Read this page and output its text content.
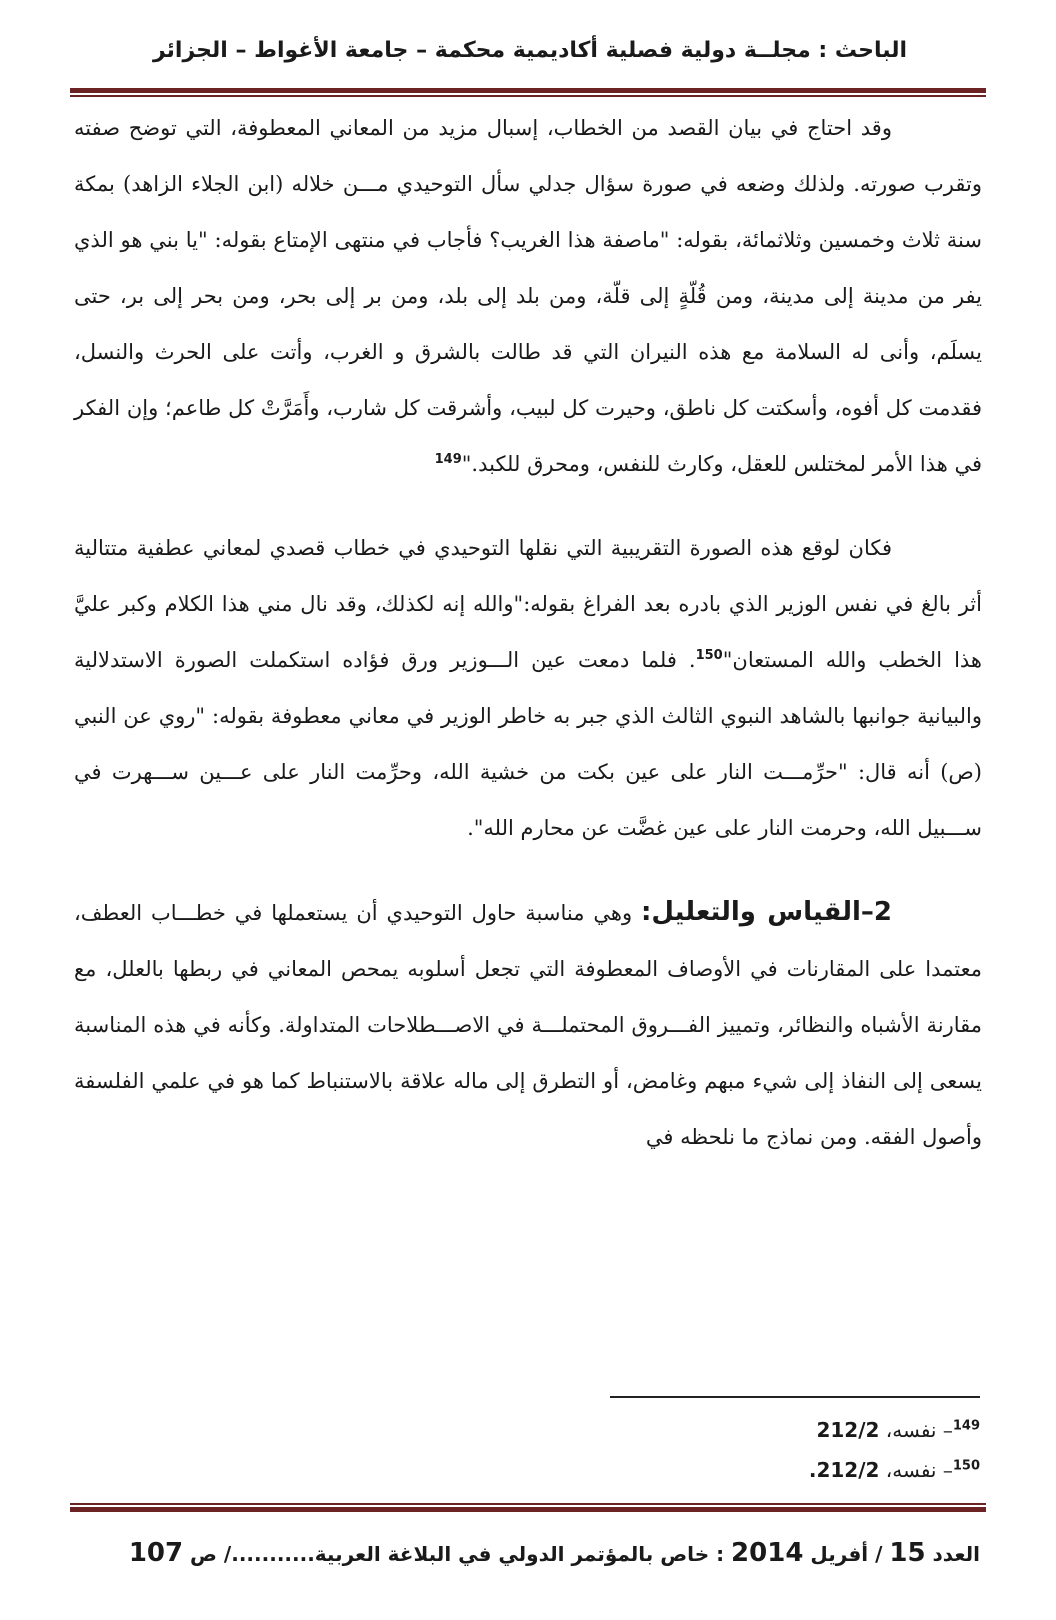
الباحث : مجلــة دولية فصلية أكاديمية محكمة – جامعة الأغواط – الجزائر

وقد احتاج في بيان القصد من الخطاب، إسبال مزيد من المعاني المعطوفة، التي توضح صفته وتقرب صورته. ولذلك وضعه في صورة سؤال جدلي سأل التوحيدي مـــن خلاله (ابن الجلاء الزاهد) بمكة سنة ثلاث وخمسين وثلاثمائة، بقوله: "ماصفة هذا الغريب؟ فأجاب في منتهى الإمتاع بقوله: "يا بني هو الذي يفر من مدينة إلى مدينة، ومن قُلّةٍ إلى قلّة، ومن بلد إلى بلد، ومن بر إلى بحر، ومن بحر إلى بر، حتى يسلَم، وأنى له السلامة مع هذه النيران التي قد طالت بالشرق و الغرب، وأتت على الحرث والنسل، فقدمت كل أفوه، وأسكتت كل ناطق، وحيرت كل لبيب، وأشرقت كل شارب، وأَمَرَّتْ كل طاعم؛ وإن الفكر في هذا الأمر لمختلس للعقل، وكارث للنفس، ومحرق للكبد."$^{149}$

فكان لوقع هذه الصورة التقريبية التي نقلها التوحيدي في خطاب قصدي لمعاني عطفية متتالية أثر بالغ في نفس الوزير الذي بادره بعد الفراغ بقوله:"والله إنه لكذلك، وقد نال مني هذا الكلام وكبر عليَّ هذا الخطب والله المستعان"$^{150}$. فلما دمعت عين الـــوزير ورق فؤاده استكملت الصورة الاستدلالية والبيانية جوانبها بالشاهد النبوي الثالث الذي جبر به خاطر الوزير في معاني معطوفة بقوله: "روي عن النبي (ص) أنه قال: "حرِّمـــت النار على عين بكت من خشية الله، وحرِّمت النار على عـــين ســـهرت في ســـبيل الله، وحرمت النار على عين غضَّت عن محارم الله".

2–القياس والتعليل: وهي مناسبة حاول التوحيدي أن يستعملها في خطـــاب العطف، معتمدا على المقارنات في الأوصاف المعطوفة التي تجعل أسلوبه يمحص المعاني في ربطها بالعلل، مع مقارنة الأشباه والنظائر، وتمييز الفـــروق المحتملـــة في الاصـــطلاحات المتداولة. وكأنه في هذه المناسبة يسعى إلى النفاذ إلى شيء مبهم وغامض، أو التطرق إلى ماله علاقة بالاستنباط كما هو في علمي الفلسفة وأصول الفقه. ومن نماذج ما نلحظه في

$^{149}$– نفسه، 212/2

$^{150}$– نفسه، 212/2.

العدد 15 / أفريل 2014 : خاص بالمؤتمر الدولي في البلاغة العربية.........../ ص 107
